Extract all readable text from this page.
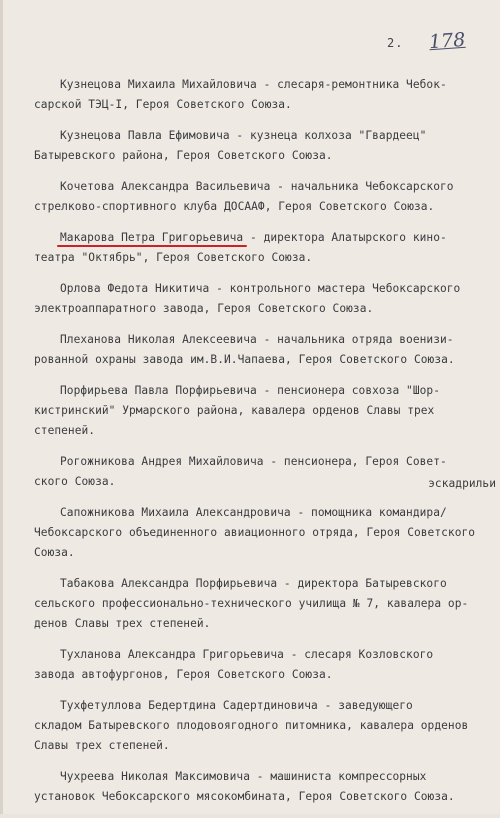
2. 178
Кузнецова Михаила Михайловича - слесаря-ремонтника Чебок-
сарской ТЭЦ-I, Героя Советского Союза.
Кузнецова Павла Ефимовича - кузнеца колхоза "Гвардеец"
Батыревского района, Героя Советского Союза.
Кочетова Александра Васильевича - начальника Чебоксарского
стрелково-спортивного клуба ДОСААФ, Героя Советского Союза.
Макарова Петра Григорьевича
- директора Алатырского кино-
театра "Октябрь", Героя Советского Союза.
Орлова Федота Никитича - контрольного мастера Чебоксарского
электроаппаратного завода, Героя Советского Союза.
Плеханова Николая Алексеевича - начальника отряда военизи-
рованной охраны завода им.В.И.Чапаева, Героя Советского Союза.
Порфирьева Павла Порфирьевича - пенсионера совхоза "Шор-
кистринский" Урмарского района, кавалера орденов Славы трех
степеней.
Рогожникова Андрея Михайловича - пенсионера, Героя Совет-
ского Союза.	эскадрильи
Сапожникова Михаила Александровича - помощника командира/
Чебоксарского объединенного авиационного отряда, Героя Советского
Союза.
Табакова Александра Порфирьевича - директора Батыревского
сельского профессионально-технического училища № 7, кавалера ор-
денов Славы трех степеней.
Тухланова Александра Григорьевича - слесаря Козловского
завода автофургонов, Героя Советского Союза.
Тухфетуллова Бедертдина Садертдиновича - заведующего
складом Батыревского плодовоягодного питомника, кавалера орденов
Славы трех степеней.
Чухреева Николая Максимовича - машиниста компрессорных
установок Чебоксарского мясокомбината, Героя Советского Союза.
